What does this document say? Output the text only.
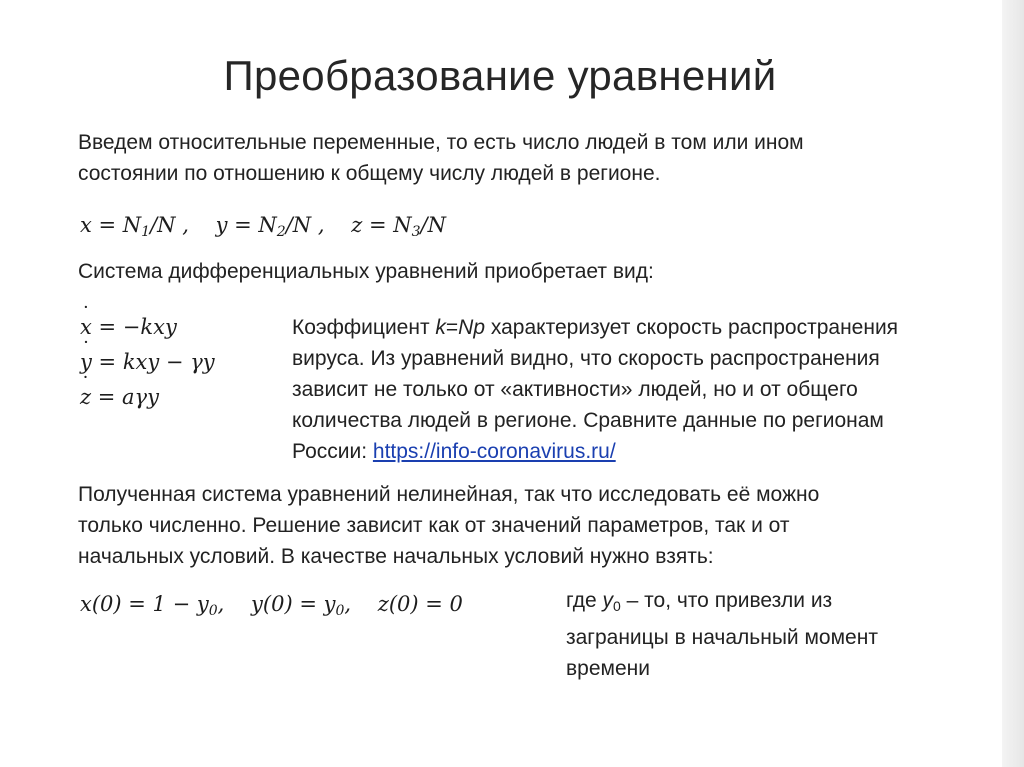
Преобразование уравнений
Введем относительные переменные, то есть число людей в том или ином
состоянии по отношению к общему числу людей в регионе.
$x = N_1/N$ , $y = N_2/N$ , $z = N_3/N$
Система дифференциальных уравнений приобретает вид:
x ˙ = −kxy
y ˙ = kxy − γy
z ˙ = aγy
Коэффициент k=Np характеризует скорость распространения
вируса. Из уравнений видно, что скорость распространения
зависит не только от «активности» людей, но и от общего
количества людей в регионе. Сравните данные по регионам
России: https://info-coronavirus.ru/
Полученная система уравнений нелинейная, так что исследовать её можно
только численно. Решение зависит как от значений параметров, так и от
начальных условий. В качестве начальных условий нужно взять:
$x(0) = 1 - y_0$, $y(0) = y_0$, z(0) = 0	где $y_0$ – то, что привезли из
заграницы в начальный момент
времени
